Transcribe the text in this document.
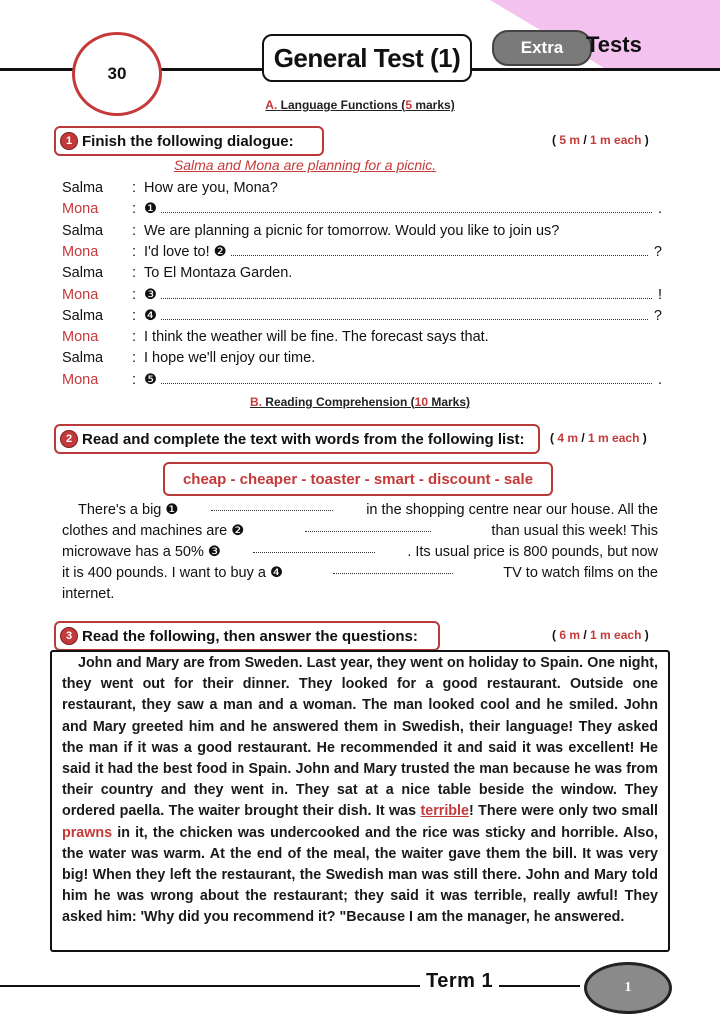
30
General Test ( 1 )	Extra Tests
A. Language Functions (5 marks)
1 Finish the following dialogue:	( 5 m / 1 m each )
Salma and Mona are planning for a picnic.
Salma	: How are you, Mona?
Mona	: ❶	.
Salma	: We are planning a picnic for tomorrow. Would you like to join us?
Mona	: I'd love to! ❷	?
Salma	: To El Montaza Garden.
Mona	: ❸	!
Salma	: ❹	?
Mona	: I think the weather will be fine. The forecast says that.
Salma	: I hope we'll enjoy our time.
Mona	: ❺	.
B. Reading Comprehension (10 Marks)
2 Read and complete the text with words from the following list: ( 4 m / 1 m each )
cheap - cheaper - toaster - smart - discount - sale
There's a big ❶	in the shopping centre near our house. All the
clothes and machines are ❷	than usual this week! This
microwave has a 50% ❸	. Its usual price is 800 pounds, but now
it is 400 pounds. I want to buy a ❹	TV to watch films on the
internet.
3 Read the following, then answer the questions:	( 6 m / 1 m each )
John and Mary are from Sweden. Last year, they went on holiday to Spain. One night, they went out for their dinner. They looked for a good restaurant. Outside one restaurant, they saw a man and a woman. The man looked cool and he smiled. John and Mary greeted him and he answered them in Swedish, their language! They asked the man if it was a good restaurant. He recommended it and said it was excellent! He said it had the best food in Spain. John and Mary trusted the man because he was from their country and they went in. They sat at a nice table beside the window. They ordered paella. The waiter brought their dish. It was terrible! There were only two small prawns in it, the chicken was undercooked and the rice was sticky and horrible. Also, the water was warm. At the end of the meal, the waiter gave them the bill. It was very big! When they left the restaurant, the Swedish man was still there. John and Mary told him he was wrong about the restaurant; they said it was terrible, really awful! They asked him: 'Why did you recommend it? "Because I am the manager, he answered.
Term 1	1
